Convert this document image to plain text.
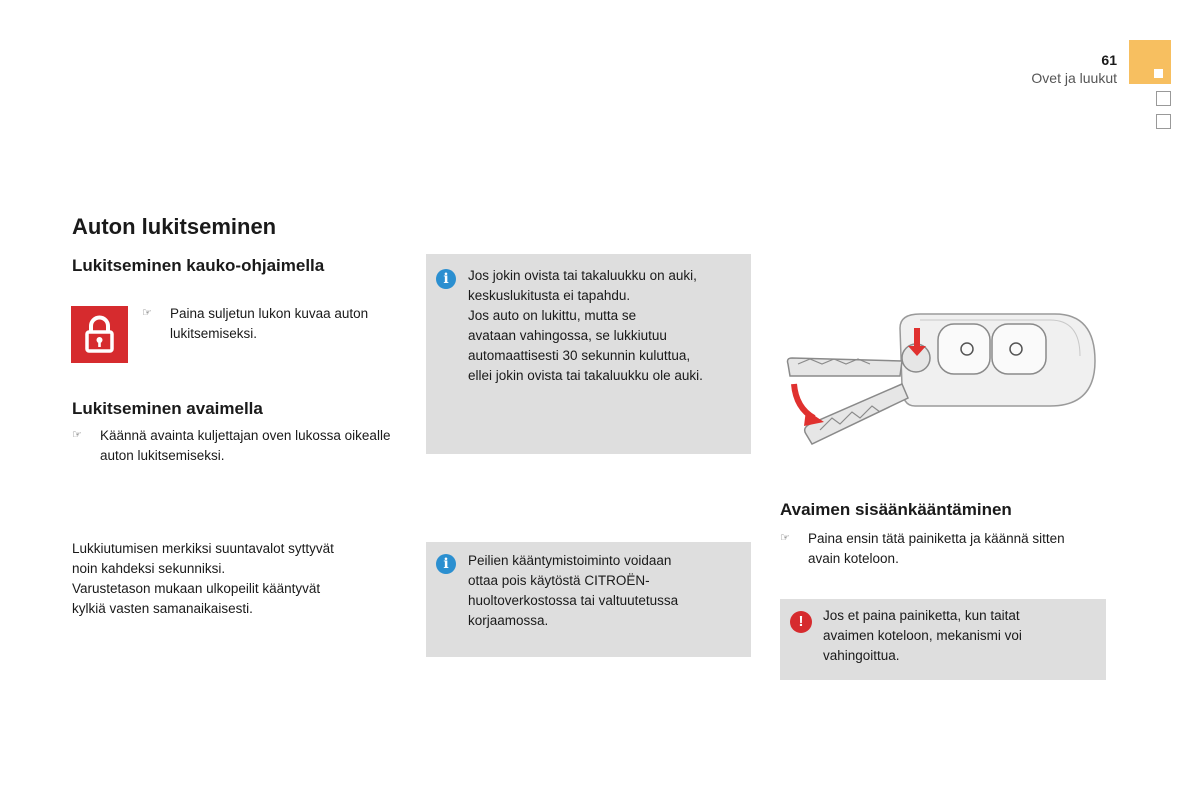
61
Ovet ja luukut
Auton lukitseminen
Lukitseminen kauko-ohjaimella
☞	Paina suljetun lukon kuvaa auton lukitsemiseksi.

Lukitseminen avaimella
☞	Käännä avainta kuljettajan oven lukossa oikealle auton lukitsemiseksi.

Lukkiutumisen merkiksi suuntavalot syttyvät
noin kahdeksi sekunniksi.
Varustetason mukaan ulkopeilit kääntyvät
kylkiä vasten samanaikaisesti.
i	Jos jokin ovista tai takaluukku on auki,
keskuslukitusta ei tapahdu.
Jos auto on lukittu, mutta se
avataan vahingossa, se lukkiutuu
automaattisesti 30 sekunnin kuluttua,
ellei jokin ovista tai takaluukku ole auki.
i	Peilien kääntymistoiminto voidaan
ottaa pois käytöstä CITROËN-
huoltoverkostossa tai valtuutetussa
korjaamossa.
Avaimen sisäänkääntäminen
☞	Paina ensin tätä painiketta ja käännä sitten
avain koteloon.
!	Jos et paina painiketta, kun taitat
avaimen koteloon, mekanismi voi
vahingoittua.
